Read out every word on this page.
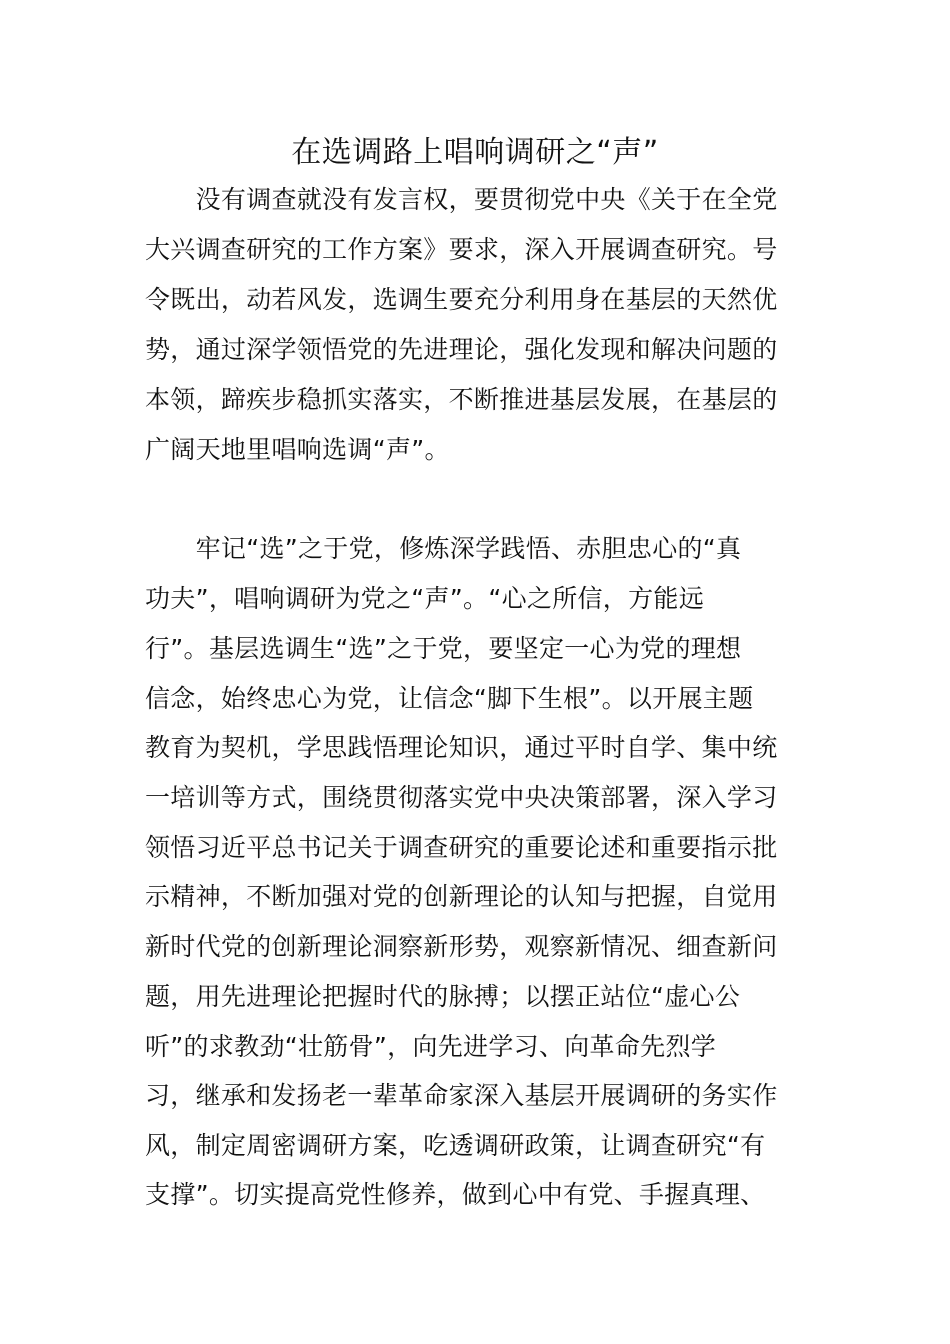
在选调路上唱响调研之“声”
　　没有调查就没有发言权，要贯彻党中央《关于在全党
大兴调查研究的工作方案》要求，深入开展调查研究。号
令既出，动若风发，选调生要充分利用身在基层的天然优
势，通过深学领悟党的先进理论，强化发现和解决问题的
本领，蹄疾步稳抓实落实，不断推进基层发展，在基层的
广阔天地里唱响选调“声”。
　　牢记“选”之于党，修炼深学践悟、赤胆忠心的“真
功夫”，唱响调研为党之“声”。“心之所信，方能远
行”。基层选调生“选”之于党，要坚定一心为党的理想
信念，始终忠心为党，让信念“脚下生根”。以开展主题
教育为契机，学思践悟理论知识，通过平时自学、集中统
一培训等方式，围绕贯彻落实党中央决策部署，深入学习
领悟习近平总书记关于调查研究的重要论述和重要指示批
示精神，不断加强对党的创新理论的认知与把握，自觉用
新时代党的创新理论洞察新形势，观察新情况、细查新问
题，用先进理论把握时代的脉搏；以摆正站位“虚心公
听”的求教劲“壮筋骨”，向先进学习、向革命先烈学
习，继承和发扬老一辈革命家深入基层开展调研的务实作
风，制定周密调研方案，吃透调研政策，让调查研究“有
支撑”。切实提高党性修养，做到心中有党、手握真理、
